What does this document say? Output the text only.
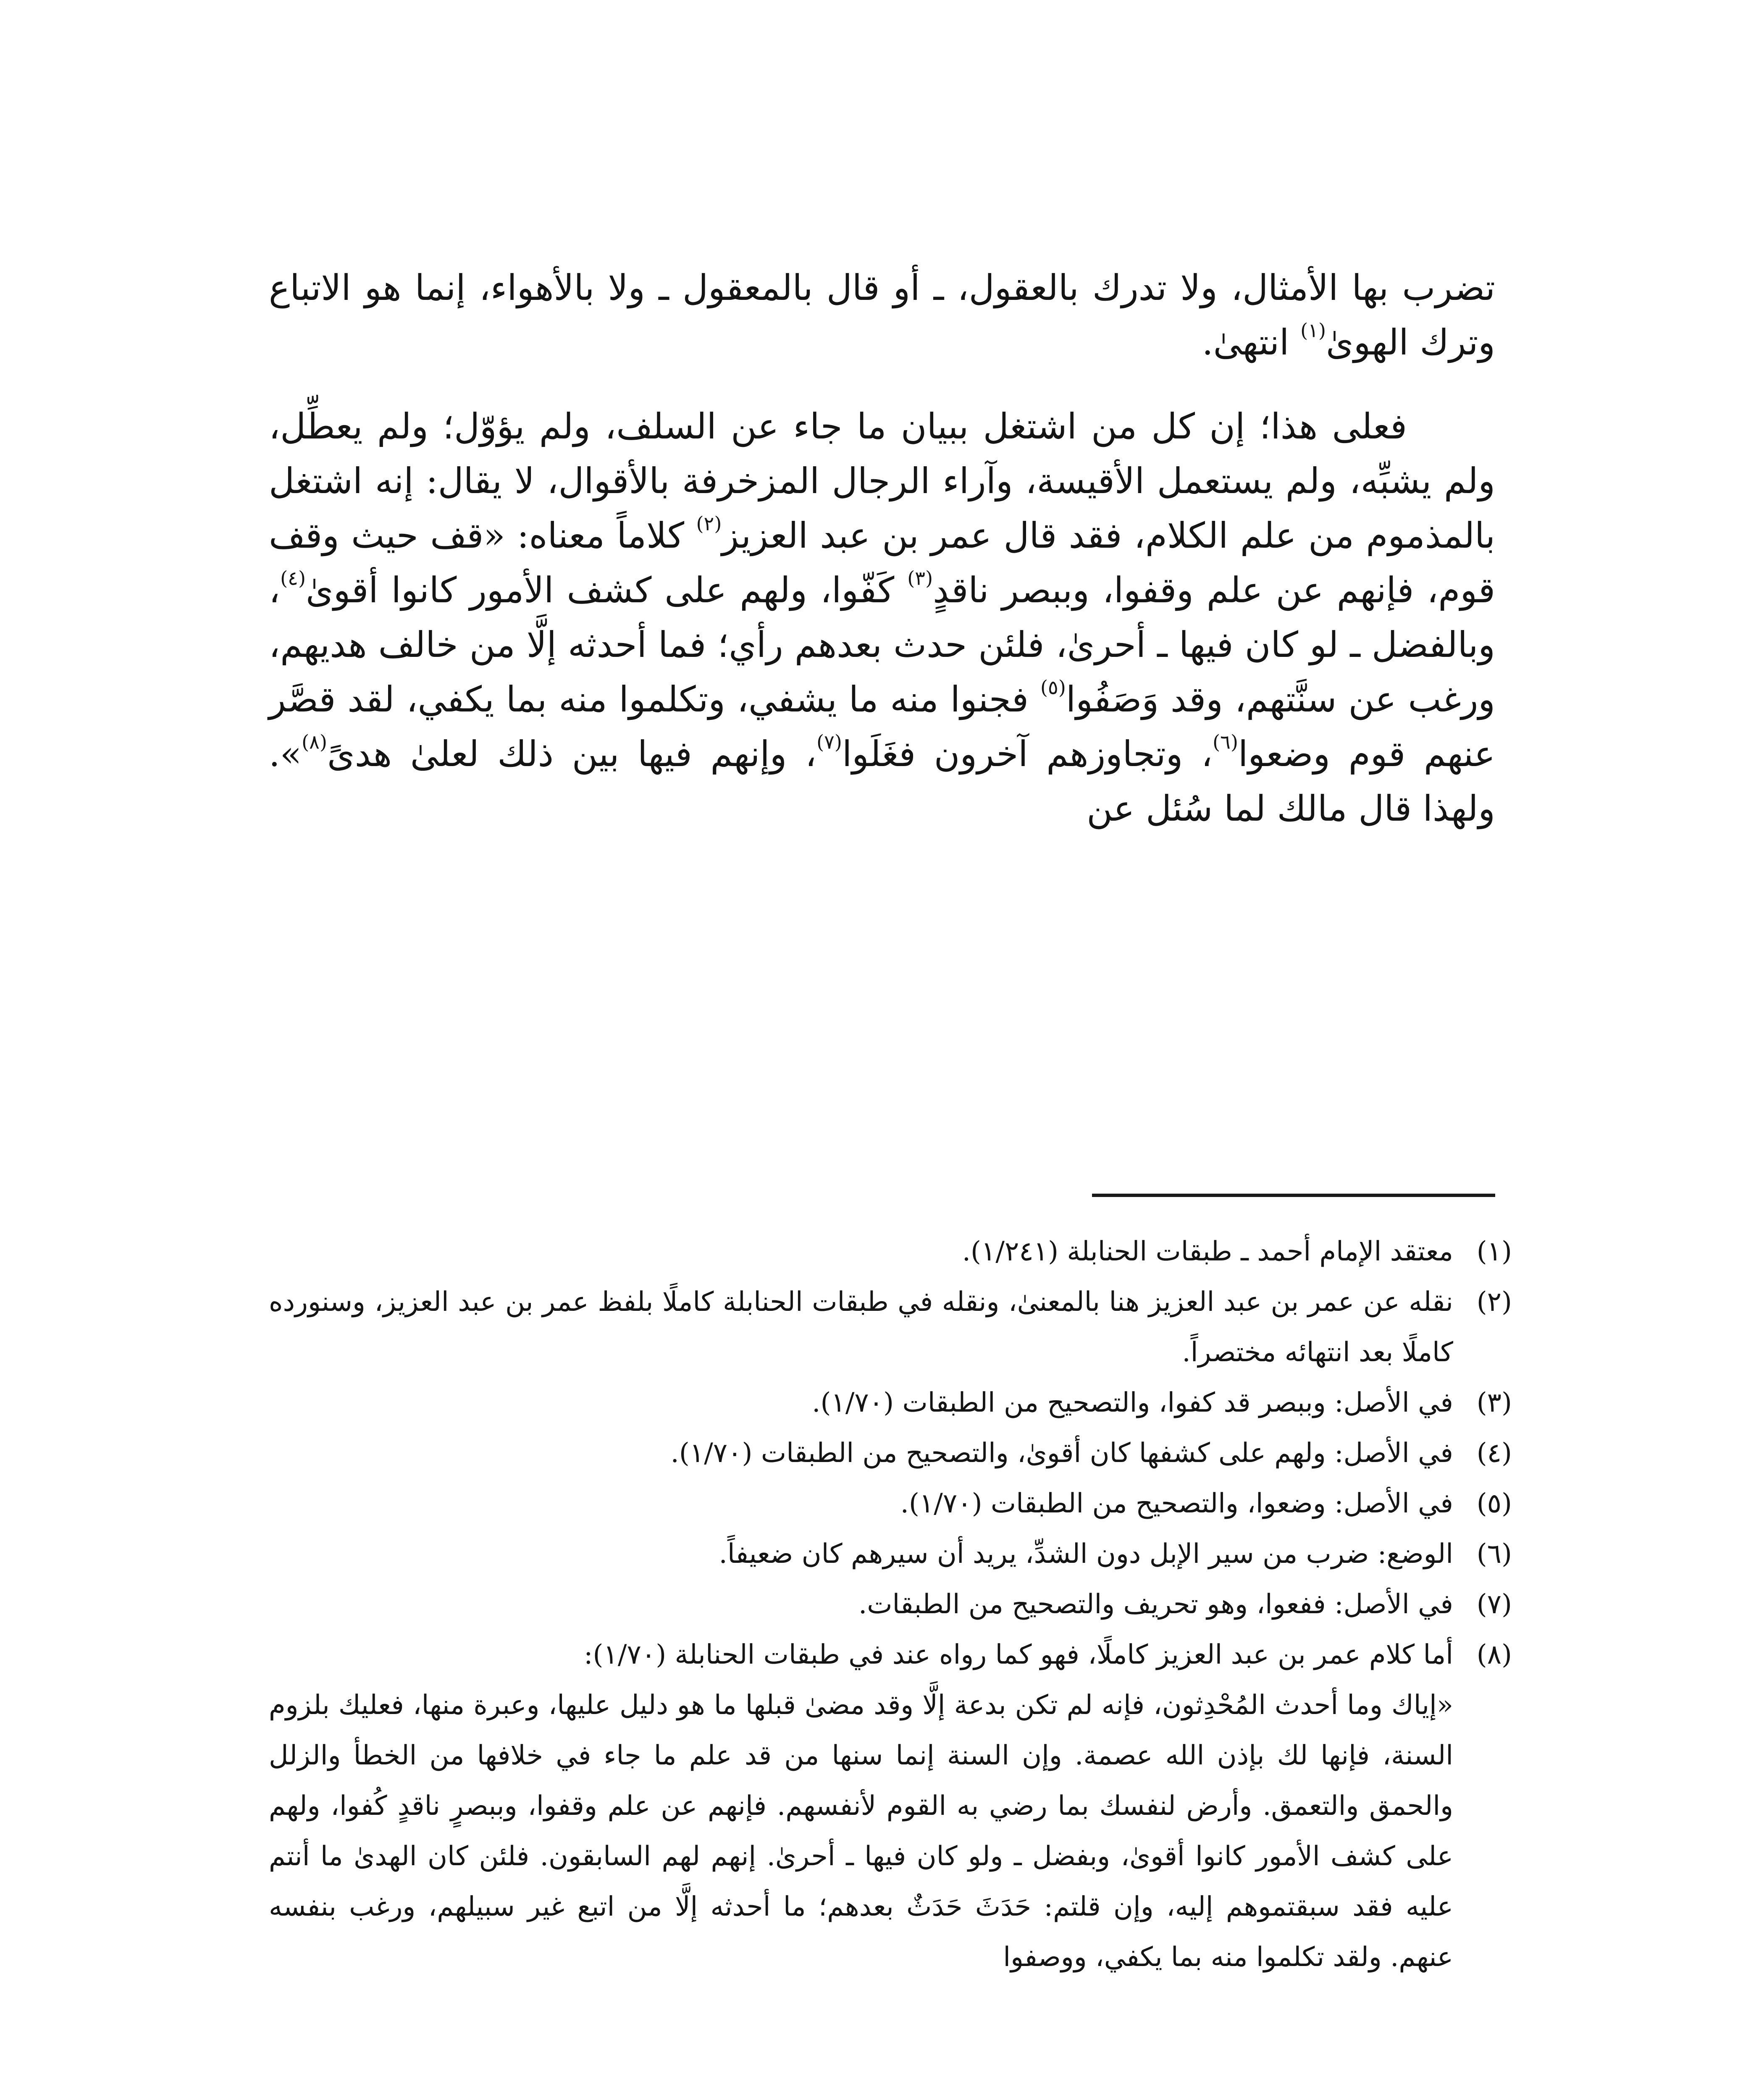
تضرب بها الأمثال، ولا تدرك بالعقول، ـ أو قال بالمعقول ـ ولا بالأهواء، إنما هو الاتباع وترك الهوىٰ$^{(١)}$ انتهىٰ.

فعلى هذا؛ إن كل من اشتغل ببيان ما جاء عن السلف، ولم يؤوّل؛ ولم يعطِّل، ولم يشبِّه، ولم يستعمل الأقيسة، وآراء الرجال المزخرفة بالأقوال، لا يقال: إنه اشتغل بالمذموم من علم الكلام، فقد قال عمر بن عبد العزيز$^{(٢)}$ كلاماً معناه: «قف حيث وقف قوم، فإنهم عن علم وقفوا، وببصر ناقدٍ$^{(٣)}$ كَفّوا، ولهم على كشف الأمور كانوا أقوىٰ$^{(٤)}$، وبالفضل ـ لو كان فيها ـ أحرىٰ، فلئن حدث بعدهم رأي؛ فما أحدثه إلَّا من خالف هديهم، ورغب عن سنَّتهم، وقد وَصَفُوا$^{(٥)}$ فجنوا منه ما يشفي، وتكلموا منه بما يكفي، لقد قصَّر عنهم قوم وضعوا$^{(٦)}$، وتجاوزهم آخرون فغَلَوا$^{(٧)}$، وإنهم فيها بين ذلك لعلىٰ هدىً$^{(٨)}$». ولهذا قال مالك لما سُئل عن

(١)
معتقد الإمام أحمد ـ طبقات الحنابلة (١/٢٤١).
(٢)
نقله عن عمر بن عبد العزيز هنا بالمعنىٰ، ونقله في طبقات الحنابلة كاملًا بلفظ عمر بن عبد العزيز، وسنورده كاملًا بعد انتهائه مختصراً.
(٣)
في الأصل: وببصر قد كفوا، والتصحيح من الطبقات (١/٧٠).
(٤)
في الأصل: ولهم على كشفها كان أقوىٰ، والتصحيح من الطبقات (١/٧٠).
(٥)
في الأصل: وضعوا، والتصحيح من الطبقات (١/٧٠).
(٦)
الوضع: ضرب من سير الإبل دون الشدِّ، يريد أن سيرهم كان ضعيفاً.
(٧)
في الأصل: ففعوا، وهو تحريف والتصحيح من الطبقات.
(٨)
أما كلام عمر بن عبد العزيز كاملًا، فهو كما رواه عند في طبقات الحنابلة (١/٧٠):
«إياك وما أحدث المُحْدِثون، فإنه لم تكن بدعة إلَّا وقد مضىٰ قبلها ما هو دليل عليها، وعبرة منها، فعليك بلزوم السنة، فإنها لك بإذن الله عصمة. وإن السنة إنما سنها من قد علم ما جاء في خلافها من الخطأ والزلل والحمق والتعمق. وأرض لنفسك بما رضي به القوم لأنفسهم. فإنهم عن علم وقفوا، وببصرٍ ناقدٍ كُفوا، ولهم على كشف الأمور كانوا أقوىٰ، وبفضل ـ ولو كان فيها ـ أحرىٰ. إنهم لهم السابقون. فلئن كان الهدىٰ ما أنتم عليه فقد سبقتموهم إليه، وإن قلتم: حَدَثَ حَدَثٌ بعدهم؛ ما أحدثه إلَّا من اتبع غير سبيلهم، ورغب بنفسه عنهم. ولقد تكلموا منه بما يكفي، ووصفوا
